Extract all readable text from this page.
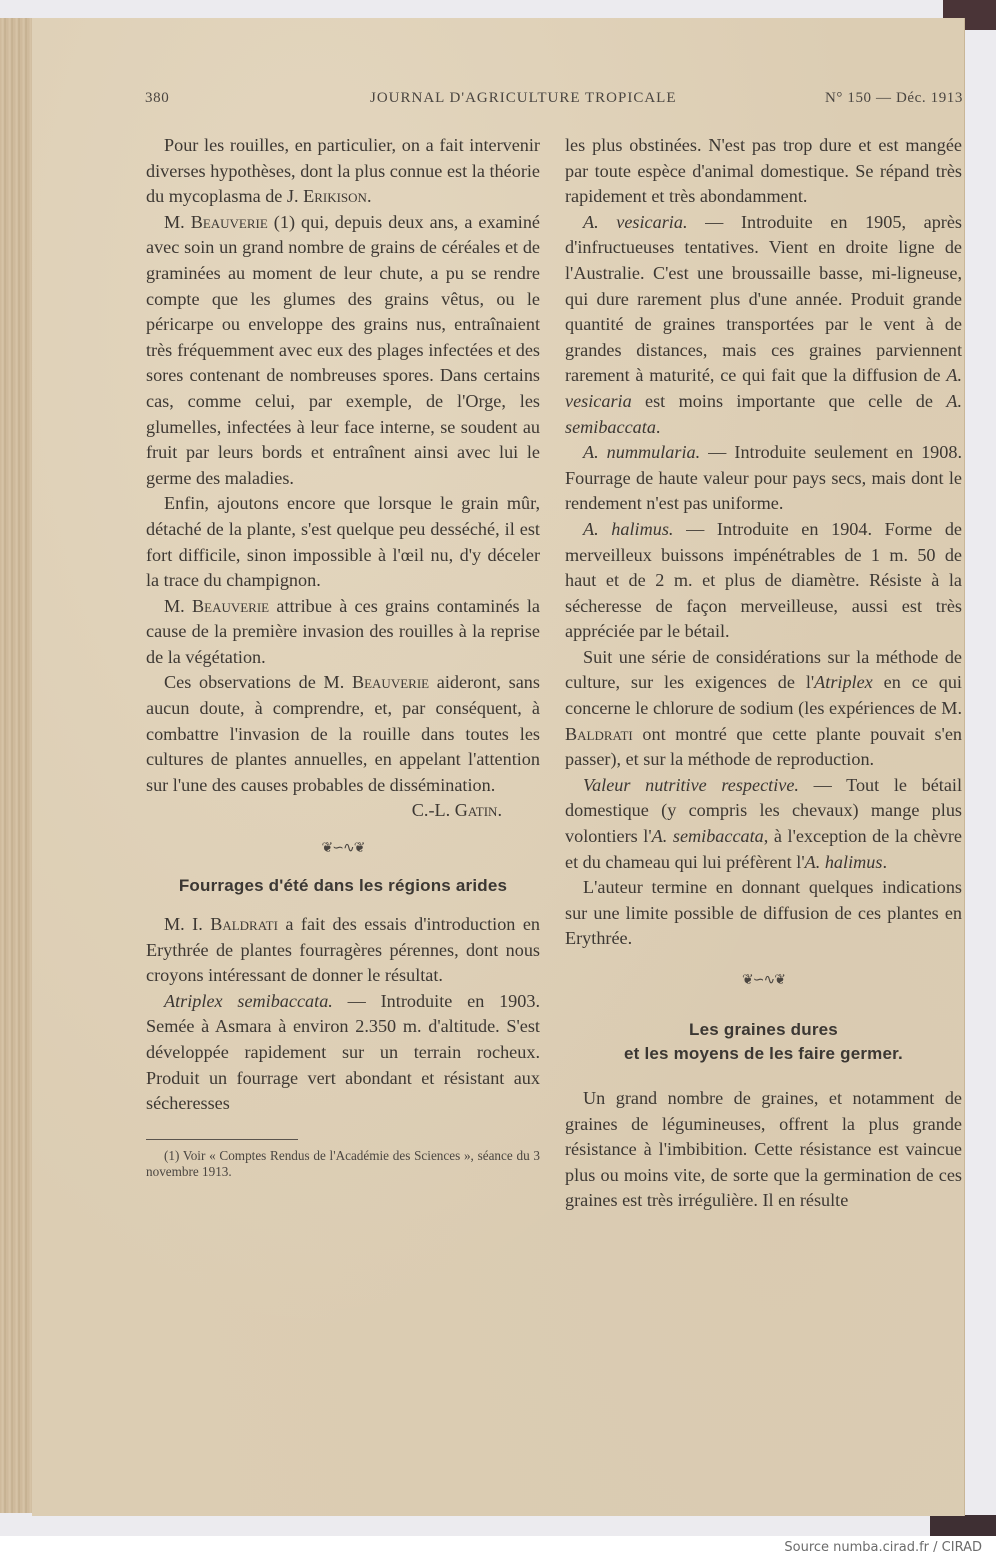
380	JOURNAL D'AGRICULTURE TROPICALE	N° 150 — Déc. 1913

Pour les rouilles, en particulier, on a fait intervenir diverses hypothèses, dont la plus connue est la théorie du mycoplasma de J. Erikison.

M. Beauverie (1) qui, depuis deux ans, a examiné avec soin un grand nombre de grains de céréales et de graminées au moment de leur chute, a pu se rendre compte que les glumes des grains vêtus, ou le péricarpe ou enveloppe des grains nus, entraînaient très fréquemment avec eux des plages infectées et des sores contenant de nombreuses spores. Dans certains cas, comme celui, par exemple, de l'Orge, les glumelles, infectées à leur face interne, se soudent au fruit par leurs bords et entraînent ainsi avec lui le germe des maladies.

Enfin, ajoutons encore que lorsque le grain mûr, détaché de la plante, s'est quelque peu desséché, il est fort difficile, sinon impossible à l'œil nu, d'y déceler la trace du champignon.

M. Beauverie attribue à ces grains contaminés la cause de la première invasion des rouilles à la reprise de la végétation.

Ces observations de M. Beauverie aideront, sans aucun doute, à comprendre, et, par conséquent, à combattre l'invasion de la rouille dans toutes les cultures de plantes annuelles, en appelant l'attention sur l'une des causes probables de dissémination.

C.-L. Gatin.

❦∽∿❦
Fourrages d'été dans les régions arides

M. I. Baldrati a fait des essais d'introduction en Erythrée de plantes fourragères pérennes, dont nous croyons intéressant de donner le résultat.

Atriplex semibaccata. — Introduite en 1903. Semée à Asmara à environ 2.350 m. d'altitude. S'est développée rapidement sur un terrain rocheux. Produit un fourrage vert abondant et résistant aux sécheresses

(1) Voir « Comptes Rendus de l'Académie des Sciences », séance du 3 novembre 1913.

les plus obstinées. N'est pas trop dure et est mangée par toute espèce d'animal domestique. Se répand très rapidement et très abondamment.

A. vesicaria. — Introduite en 1905, après d'infructueuses tentatives. Vient en droite ligne de l'Australie. C'est une broussaille basse, mi-ligneuse, qui dure rarement plus d'une année. Produit grande quantité de graines transportées par le vent à de grandes distances, mais ces graines parviennent rarement à maturité, ce qui fait que la diffusion de A. vesicaria est moins importante que celle de A. semibaccata.

A. nummularia. — Introduite seulement en 1908. Fourrage de haute valeur pour pays secs, mais dont le rendement n'est pas uniforme.

A. halimus. — Introduite en 1904. Forme de merveilleux buissons impénétrables de 1 m. 50 de haut et de 2 m. et plus de diamètre. Résiste à la sécheresse de façon merveilleuse, aussi est très appréciée par le bétail.

Suit une série de considérations sur la méthode de culture, sur les exigences de l'Atriplex en ce qui concerne le chlorure de sodium (les expériences de M. Baldrati ont montré que cette plante pouvait s'en passer), et sur la méthode de reproduction.

Valeur nutritive respective. — Tout le bétail domestique (y compris les chevaux) mange plus volontiers l'A. semibaccata, à l'exception de la chèvre et du chameau qui lui préfèrent l'A. halimus.

L'auteur termine en donnant quelques indications sur une limite possible de diffusion de ces plantes en Erythrée.

❦∽∿❦
Les graines dures
et les moyens de les faire germer.

Un grand nombre de graines, et notamment de graines de légumineuses, offrent la plus grande résistance à l'imbibition. Cette résistance est vaincue plus ou moins vite, de sorte que la germination de ces graines est très irrégulière. Il en résulte

Source numba.cirad.fr / CIRAD
